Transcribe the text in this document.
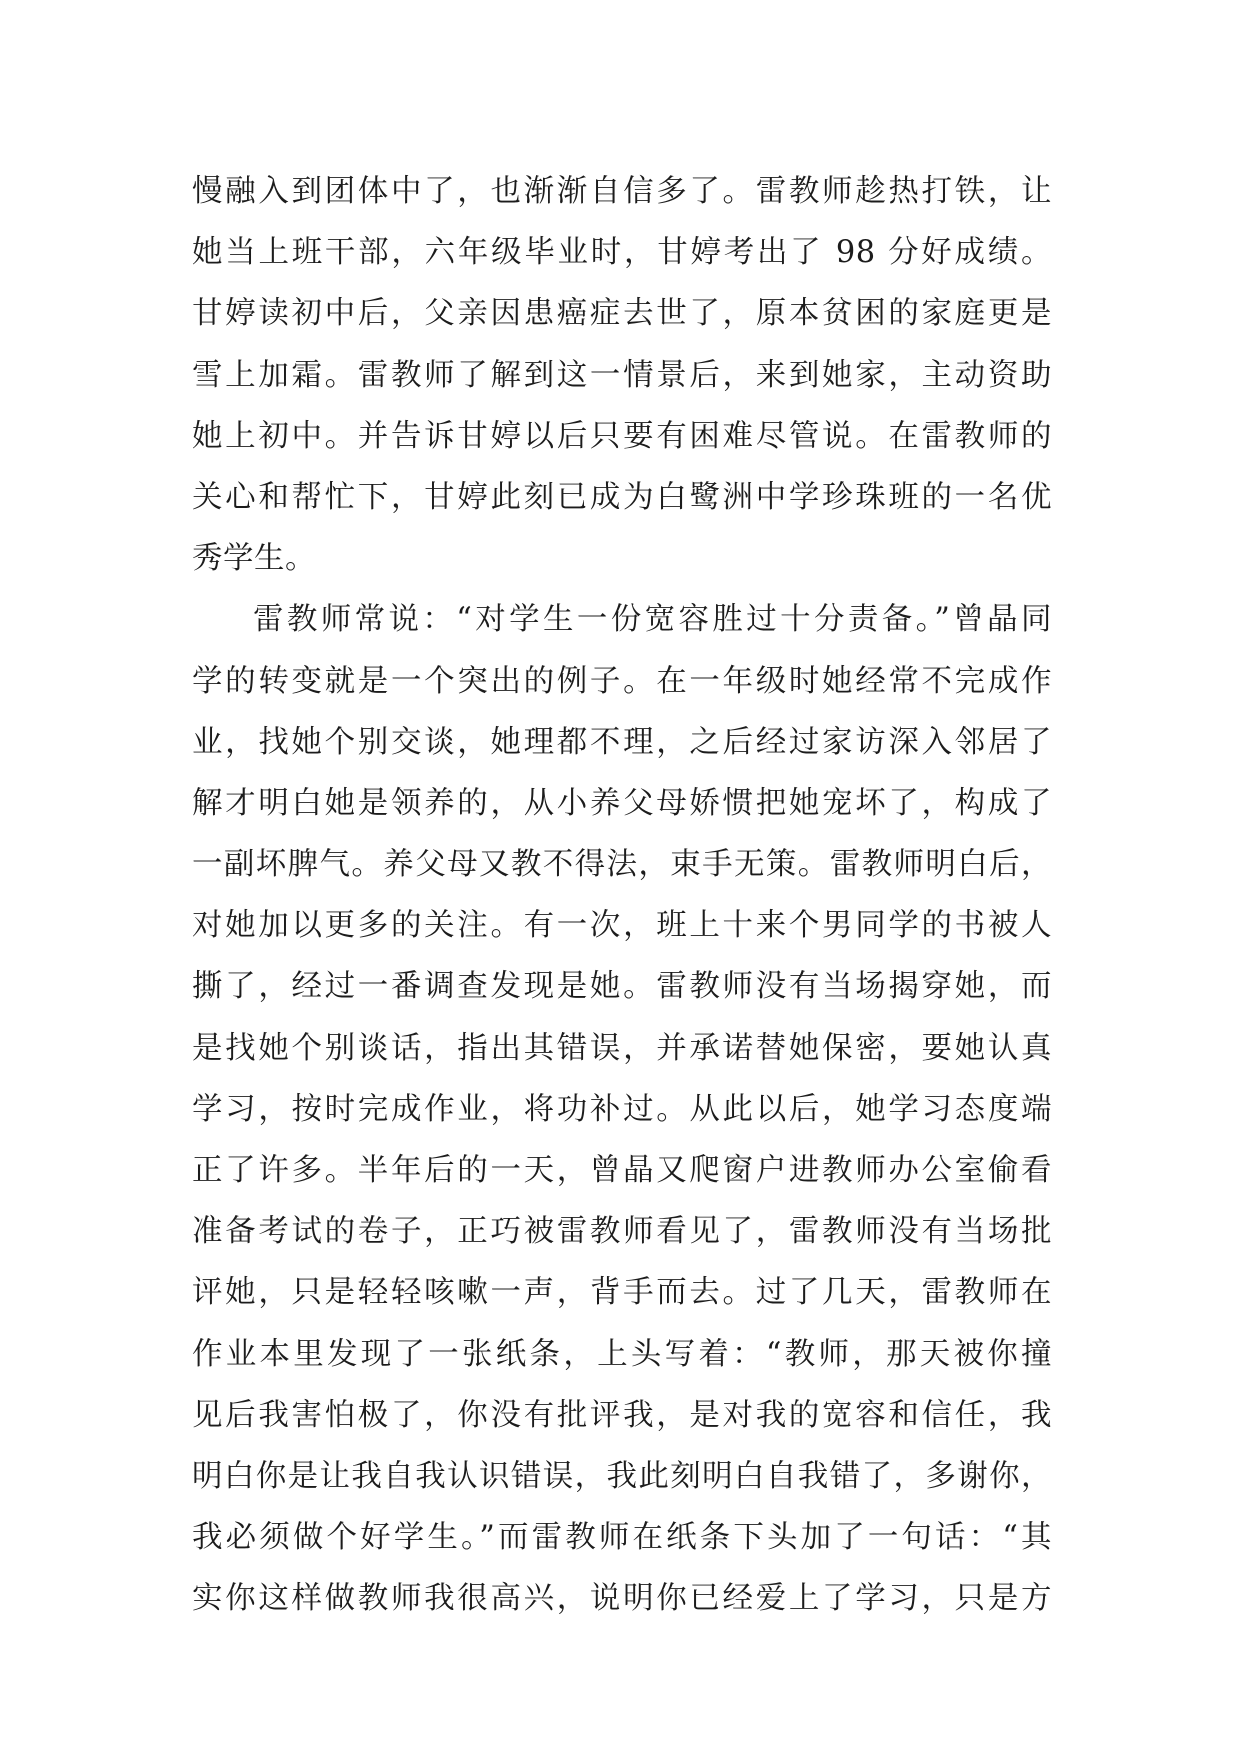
慢融入到团体中了，也渐渐自信多了。雷教师趁热打铁，让
她当上班干部，六年级毕业时，甘婷考出了 98 分好成绩。
甘婷读初中后，父亲因患癌症去世了，原本贫困的家庭更是
雪上加霜。雷教师了解到这一情景后，来到她家，主动资助
她上初中。并告诉甘婷以后只要有困难尽管说。在雷教师的
关心和帮忙下，甘婷此刻已成为白鹭洲中学珍珠班的一名优
秀学生。
雷教师常说：“对学生一份宽容胜过十分责备。”曾晶同
学的转变就是一个突出的例子。在一年级时她经常不完成作
业，找她个别交谈，她理都不理，之后经过家访深入邻居了
解才明白她是领养的，从小养父母娇惯把她宠坏了，构成了
一副坏脾气。养父母又教不得法，束手无策。雷教师明白后，
对她加以更多的关注。有一次，班上十来个男同学的书被人
撕了，经过一番调查发现是她。雷教师没有当场揭穿她，而
是找她个别谈话，指出其错误，并承诺替她保密，要她认真
学习，按时完成作业，将功补过。从此以后，她学习态度端
正了许多。半年后的一天，曾晶又爬窗户进教师办公室偷看
准备考试的卷子，正巧被雷教师看见了，雷教师没有当场批
评她，只是轻轻咳嗽一声，背手而去。过了几天，雷教师在
作业本里发现了一张纸条，上头写着：“教师，那天被你撞
见后我害怕极了，你没有批评我，是对我的宽容和信任，我
明白你是让我自我认识错误，我此刻明白自我错了，多谢你，
我必须做个好学生。”而雷教师在纸条下头加了一句话：“其
实你这样做教师我很高兴，说明你已经爱上了学习，只是方
